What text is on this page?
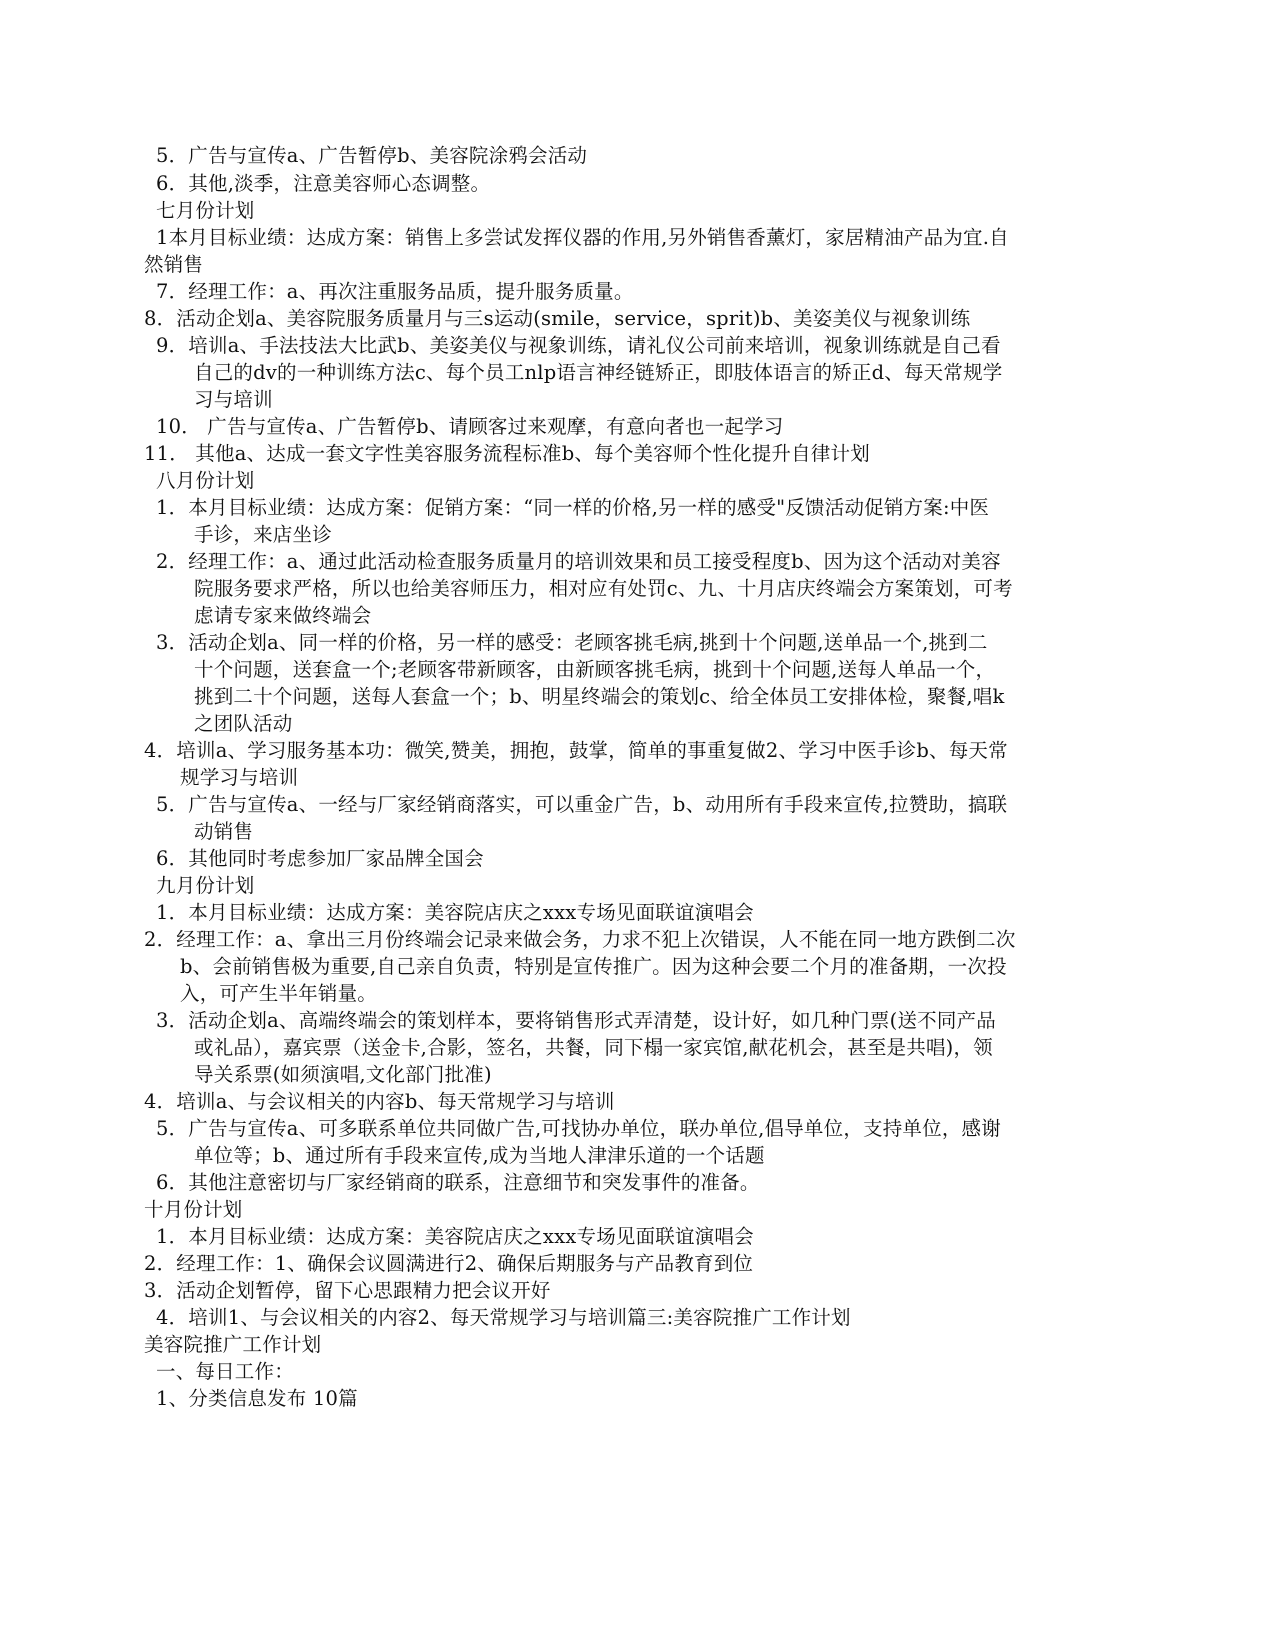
5．广告与宣传a、广告暂停b、美容院涂鸦会活动
6．其他,淡季，注意美容师心态调整。
七月份计划
1本月目标业绩：达成方案：销售上多尝试发挥仪器的作用,另外销售香薰灯，家居精油产品为宜.自
然销售
7．经理工作：a、再次注重服务品质，提升服务质量。
8．活动企划a、美容院服务质量月与三s运动(smile，service，sprit)b、美姿美仪与视象训练
9．培训a、手法技法大比武b、美姿美仪与视象训练，请礼仪公司前来培训，视象训练就是自己看
自己的dv的一种训练方法c、每个员工nlp语言神经链矫正，即肢体语言的矫正d、每天常规学
习与培训
10． 广告与宣传a、广告暂停b、请顾客过来观摩，有意向者也一起学习
11． 其他a、达成一套文字性美容服务流程标准b、每个美容师个性化提升自律计划
八月份计划
1．本月目标业绩：达成方案：促销方案：“同一样的价格,另一样的感受"反馈活动促销方案:中医
手诊，来店坐诊
2．经理工作：a、通过此活动检查服务质量月的培训效果和员工接受程度b、因为这个活动对美容
院服务要求严格，所以也给美容师压力，相对应有处罚c、九、十月店庆终端会方案策划，可考
虑请专家来做终端会
3．活动企划a、同一样的价格，另一样的感受：老顾客挑毛病,挑到十个问题,送单品一个,挑到二
十个问题，送套盒一个;老顾客带新顾客，由新顾客挑毛病，挑到十个问题,送每人单品一个，
挑到二十个问题，送每人套盒一个；b、明星终端会的策划c、给全体员工安排体检，聚餐,唱k
之团队活动
4．培训a、学习服务基本功：微笑,赞美，拥抱，鼓掌，简单的事重复做2、学习中医手诊b、每天常
规学习与培训
5．广告与宣传a、一经与厂家经销商落实，可以重金广告，b、动用所有手段来宣传,拉赞助，搞联
动销售
6．其他同时考虑参加厂家品牌全国会
九月份计划
1．本月目标业绩：达成方案：美容院店庆之xxx专场见面联谊演唱会
2．经理工作：a、拿出三月份终端会记录来做会务，力求不犯上次错误，人不能在同一地方跌倒二次
b、会前销售极为重要,自己亲自负责，特别是宣传推广。因为这种会要二个月的准备期，一次投
入，可产生半年销量。
3．活动企划a、高端终端会的策划样本，要将销售形式弄清楚，设计好，如几种门票(送不同产品
或礼品），嘉宾票（送金卡,合影，签名，共餐，同下榻一家宾馆,献花机会，甚至是共唱)，领
导关系票(如须演唱,文化部门批准)
4．培训a、与会议相关的内容b、每天常规学习与培训
5．广告与宣传a、可多联系单位共同做广告,可找协办单位，联办单位,倡导单位，支持单位，感谢
单位等；b、通过所有手段来宣传,成为当地人津津乐道的一个话题
6．其他注意密切与厂家经销商的联系，注意细节和突发事件的准备。
十月份计划
1．本月目标业绩：达成方案：美容院店庆之xxx专场见面联谊演唱会
2．经理工作：1、确保会议圆满进行2、确保后期服务与产品教育到位
3．活动企划暂停，留下心思跟精力把会议开好
4．培训1、与会议相关的内容2、每天常规学习与培训篇三:美容院推广工作计划
美容院推广工作计划
一、每日工作：
1、分类信息发布 10篇
